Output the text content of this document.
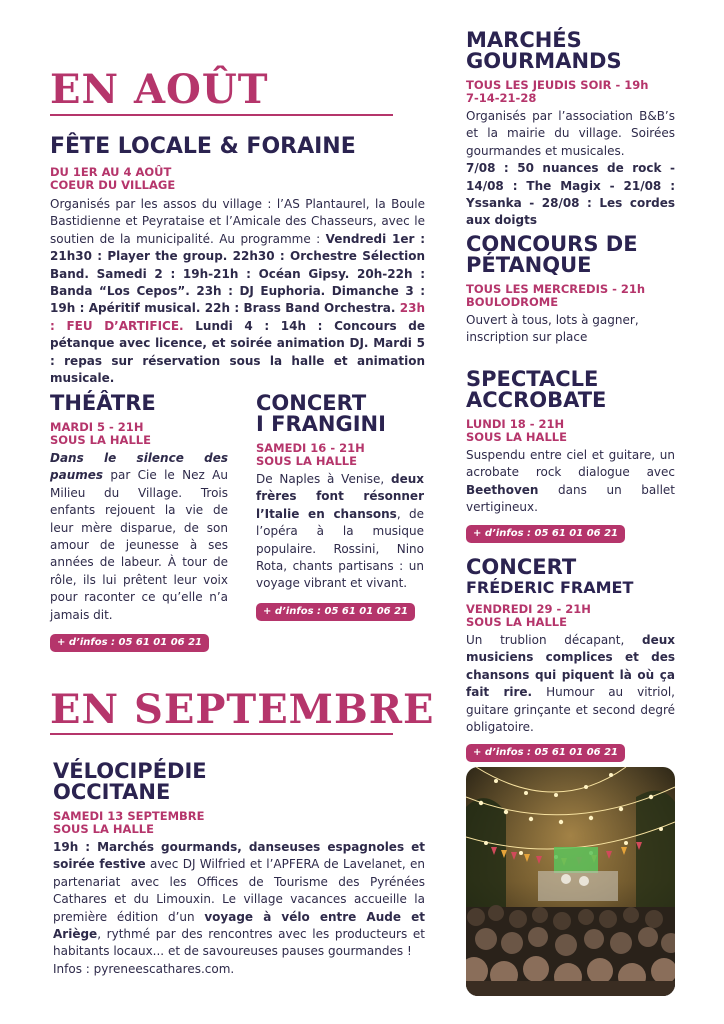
EN AOÛT
FÊTE LOCALE & FORAINE
DU 1ER AU 4 AOÛT
COEUR DU VILLAGE
Organisés par les assos du village : l’AS Plantaurel, la Boule Bastidienne et Peyrataise et l’Amicale des Chasseurs, avec le soutien de la municipalité. Au programme : Vendredi 1er : 21h30 : Player the group. 22h30 : Orchestre Sélection Band. Samedi 2 : 19h-21h : Océan Gipsy. 20h-22h : Banda “Los Cepos”. 23h : DJ Euphoria. Dimanche 3 : 19h : Apéritif musical. 22h : Brass Band Orchestra. 23h : FEU D’ARTIFICE. Lundi 4 : 14h : Concours de pétanque avec licence, et soirée animation DJ. Mardi 5 : repas sur réservation sous la halle et animation musicale.
THÉÂTRE
MARDI 5 - 21H
SOUS LA HALLE
Dans le silence des paumes par Cie le Nez Au Milieu du Village. Trois enfants rejouent la vie de leur mère disparue, de son amour de jeunesse à ses années de labeur. À tour de rôle, ils lui prêtent leur voix pour raconter ce qu’elle n’a jamais dit.
+ d’infos : 05 61 01 06 21
CONCERT
I FRANGINI
SAMEDI 16 - 21H
SOUS LA HALLE
De Naples à Venise, deux frères font résonner l’Italie en chansons, de l’opéra à la musique populaire. Rossini, Nino Rota, chants partisans : un voyage vibrant et vivant.
+ d’infos : 05 61 01 06 21
MARCHÉS
GOURMANDS
TOUS LES JEUDIS SOIR - 19h
7-14-21-28
Organisés par l’association B&B’s et la mairie du village. Soirées gourmandes et musicales.
7/08 : 50 nuances de rock - 14/08 : The Magix - 21/08 : Yssanka - 28/08 : Les cordes aux doigts
CONCOURS DE
PÉTANQUE
TOUS LES MERCREDIS - 21h
BOULODROME
Ouvert à tous, lots à gagner, inscription sur place
SPECTACLE
ACCROBATE
LUNDI 18 - 21H
SOUS LA HALLE
Suspendu entre ciel et guitare, un acrobate rock dialogue avec Beethoven dans un ballet vertigineux.
+ d’infos : 05 61 01 06 21
CONCERT
FRÉDERIC FRAMET
VENDREDI 29 - 21H
SOUS LA HALLE
Un trublion décapant, deux musiciens complices et des chansons qui piquent là où ça fait rire. Humour au vitriol, guitare grinçante et second degré obligatoire.
+ d’infos : 05 61 01 06 21
EN SEPTEMBRE
VÉLOCIPÉDIE
OCCITANE
SAMEDI 13 SEPTEMBRE
SOUS LA HALLE
19h : Marchés gourmands, danseuses espagnoles et soirée festive avec DJ Wilfried et l’APFERA de Lavelanet, en partenariat avec les Offices de Tourisme des Pyrénées Cathares et du Limouxin. Le village vacances accueille la première édition d’un voyage à vélo entre Aude et Ariège, rythmé par des rencontres avec les producteurs et habitants locaux... et de savoureuses pauses gourmandes !
Infos : pyreneescathares.com.
